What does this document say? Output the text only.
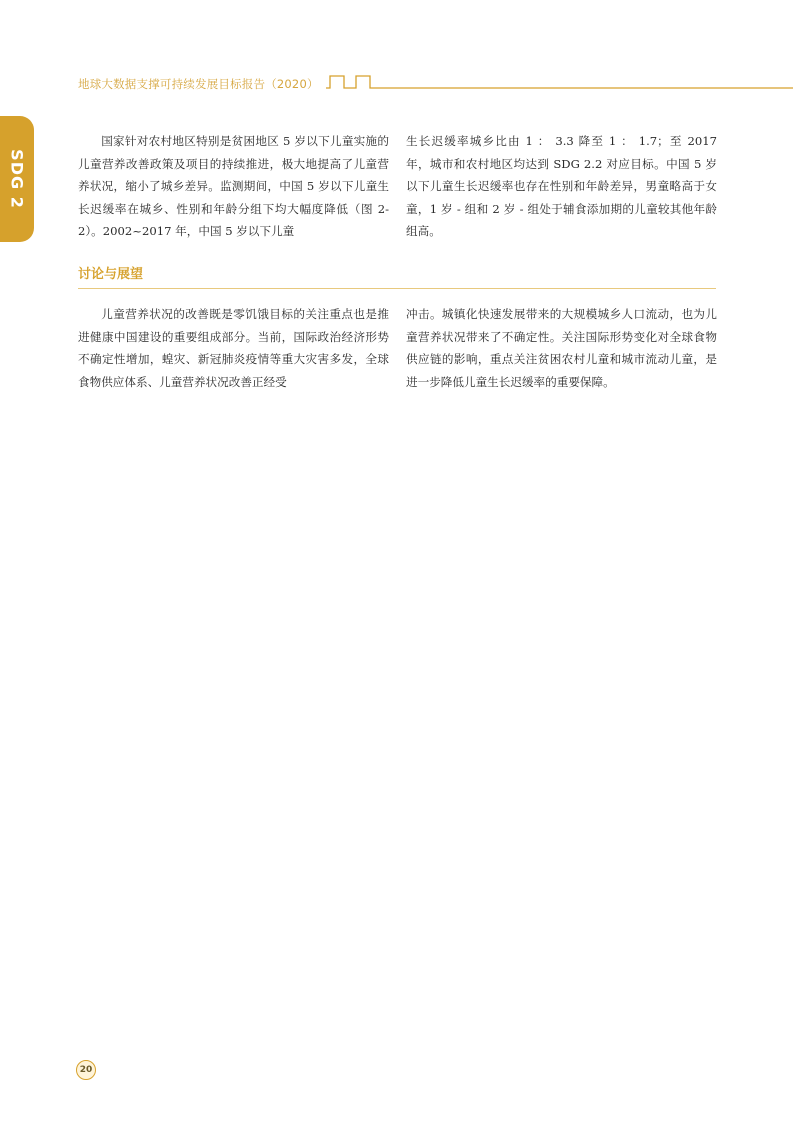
地球大数据支撑可持续发展目标报告（2020）
SDG 2

国家针对农村地区特别是贫困地区 5 岁以下儿童实施的儿童营养改善政策及项目的持续推进，极大地提高了儿童营养状况，缩小了城乡差异。监测期间，中国 5 岁以下儿童生长迟缓率在城乡、性别和年龄分组下均大幅度降低（图 2-2）。2002~2017 年，中国 5 岁以下儿童

生长迟缓率城乡比由 1 ： 3.3 降至 1 ： 1.7；至 2017 年，城市和农村地区均达到 SDG 2.2 对应目标。中国 5 岁以下儿童生长迟缓率也存在性别和年龄差异，男童略高于女童，1 岁 - 组和 2 岁 - 组处于辅食添加期的儿童较其他年龄组高。

讨论与展望

儿童营养状况的改善既是零饥饿目标的关注重点也是推进健康中国建设的重要组成部分。当前，国际政治经济形势不确定性增加，蝗灾、新冠肺炎疫情等重大灾害多发，全球食物供应体系、儿童营养状况改善正经受

冲击。城镇化快速发展带来的大规模城乡人口流动，也为儿童营养状况带来了不确定性。关注国际形势变化对全球食物供应链的影响，重点关注贫困农村儿童和城市流动儿童，是进一步降低儿童生长迟缓率的重要保障。

20
